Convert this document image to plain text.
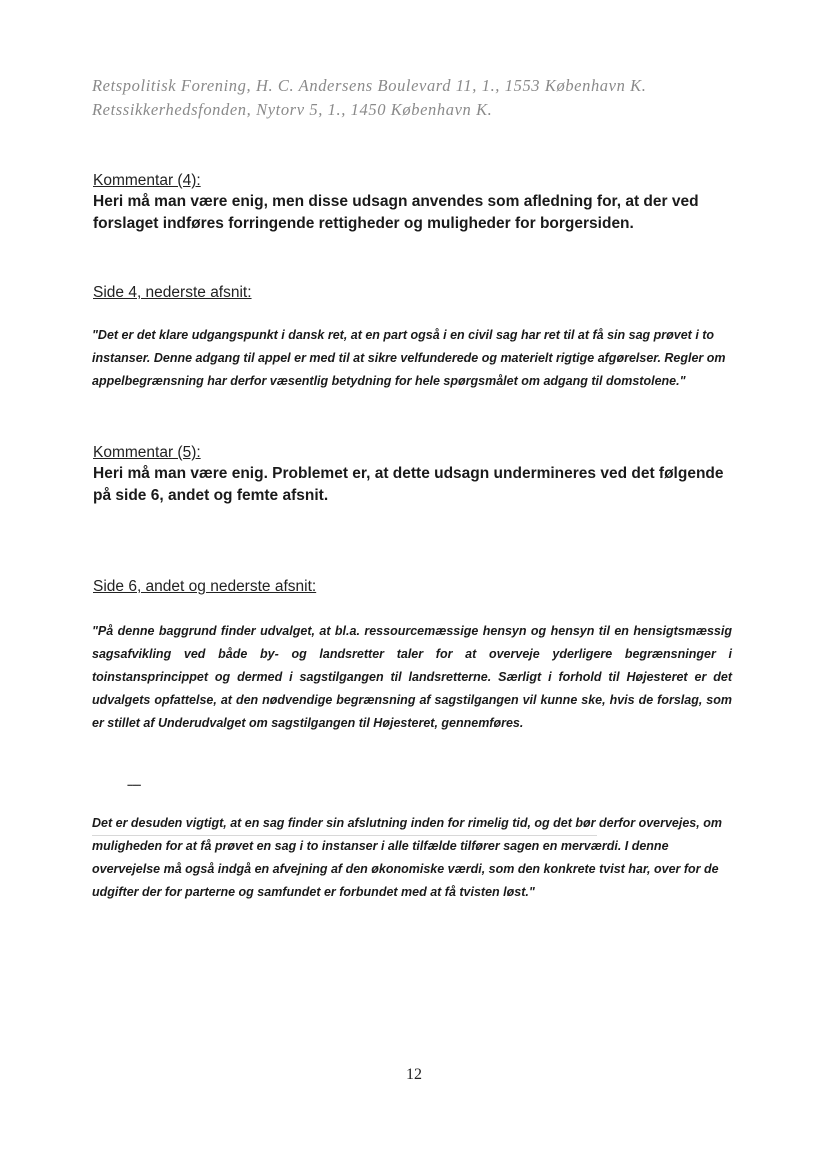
Retspolitisk Forening, H. C. Andersens Boulevard 11, 1., 1553 København K.
Retssikkerhedsfonden, Nytorv 5, 1., 1450 København K.
Kommentar (4):
Heri må man være enig, men disse udsagn anvendes som afledning for, at der ved forslaget indføres forringende rettigheder og muligheder for borgersiden.
Side 4, nederste afsnit:
"Det er det klare udgangspunkt i dansk ret, at en part også i en civil sag har ret til at få sin sag prøvet i to instanser. Denne adgang til appel er med til at sikre velfunderede og materielt rigtige afgørelser. Regler om appelbegrænsning har derfor væsentlig betydning for hele spørgsmålet om adgang til domstolene."
Kommentar (5):
Heri må man være enig. Problemet er, at dette udsagn undermineres ved det følgende på side 6, andet og femte afsnit.
Side 6, andet og nederste afsnit:
"På denne baggrund finder udvalget, at bl.a. ressourcemæssige hensyn og hensyn til en hensigtsmæssig sagsafvikling ved både by- og landsretter taler for at overveje yderligere begrænsninger i toinstansprincippet og dermed i sagstilgangen til landsretterne. Særligt i forhold til Højesteret er det udvalgets opfattelse, at den nødvendige begrænsning af sagstilgangen vil kunne ske, hvis de forslag, som er stillet af Underudvalget om sagstilgangen til Højesteret, gennemføres.
-----
Det er desuden vigtigt, at en sag finder sin afslutning inden for rimelig tid, og det bør derfor overvejes, om muligheden for at få prøvet en sag i to instanser i alle tilfælde tilfører sagen en merværdi. I denne overvejelse må også indgå en afvejning af den økonomiske værdi, som den konkrete tvist har, over for de udgifter der for parterne og samfundet er forbundet med at få tvisten løst."
12
